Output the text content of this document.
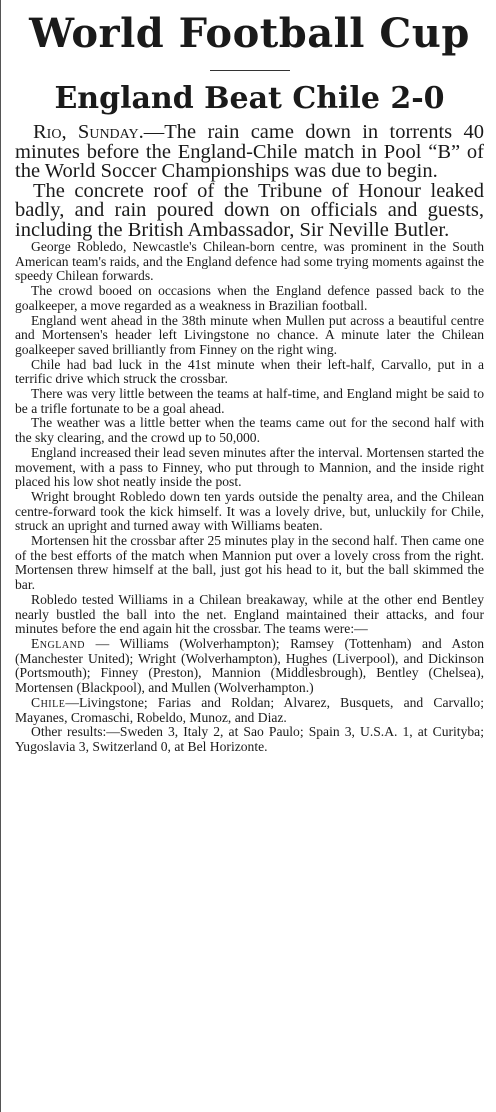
World Football Cup
England Beat Chile 2-0

Rio, Sunday.—The rain came down in torrents 40 minutes before the England-Chile match in Pool “B” of the World Soccer Championships was due to begin.

The concrete roof of the Tribune of Honour leaked badly, and rain poured down on officials and guests, including the British Ambassador, Sir Neville Butler.

George Robledo, Newcastle's Chilean-born centre, was prominent in the South American team's raids, and the England defence had some trying moments against the speedy Chilean forwards.

The crowd booed on occasions when the England defence passed back to the goalkeeper, a move regarded as a weakness in Brazilian football.

England went ahead in the 38th minute when Mullen put across a beautiful centre and Mortensen's header left Livingstone no chance. A minute later the Chilean goalkeeper saved brilliantly from Finney on the right wing.

Chile had bad luck in the 41st minute when their left-half, Carvallo, put in a terrific drive which struck the crossbar.

There was very little between the teams at half-time, and England might be said to be a trifle fortunate to be a goal ahead.

The weather was a little better when the teams came out for the second half with the sky clearing, and the crowd up to 50,000.

England increased their lead seven minutes after the interval. Mortensen started the movement, with a pass to Finney, who put through to Mannion, and the inside right placed his low shot neatly inside the post.

Wright brought Robledo down ten yards outside the penalty area, and the Chilean centre-forward took the kick himself. It was a lovely drive, but, unluckily for Chile, struck an upright and turned away with Williams beaten.

Mortensen hit the crossbar after 25 minutes play in the second half. Then came one of the best efforts of the match when Mannion put over a lovely cross from the right. Mortensen threw himself at the ball, just got his head to it, but the ball skimmed the bar.

Robledo tested Williams in a Chilean breakaway, while at the other end Bentley nearly bustled the ball into the net. England maintained their attacks, and four minutes before the end again hit the crossbar. The teams were:—

England — Williams (Wolverhampton); Ramsey (Tottenham) and Aston (Manchester United); Wright (Wolverhampton), Hughes (Liverpool), and Dickinson (Portsmouth); Finney (Preston), Mannion (Middlesbrough), Bentley (Chelsea), Mortensen (Blackpool), and Mullen (Wolverhampton.)

Chile—Livingstone; Farias and Roldan; Alvarez, Busquets, and Carvallo; Mayanes, Cromaschi, Robeldo, Munoz, and Diaz.

Other results:—Sweden 3, Italy 2, at Sao Paulo; Spain 3, U.S.A. 1, at Curityba; Yugoslavia 3, Switzerland 0, at Bel Horizonte.
